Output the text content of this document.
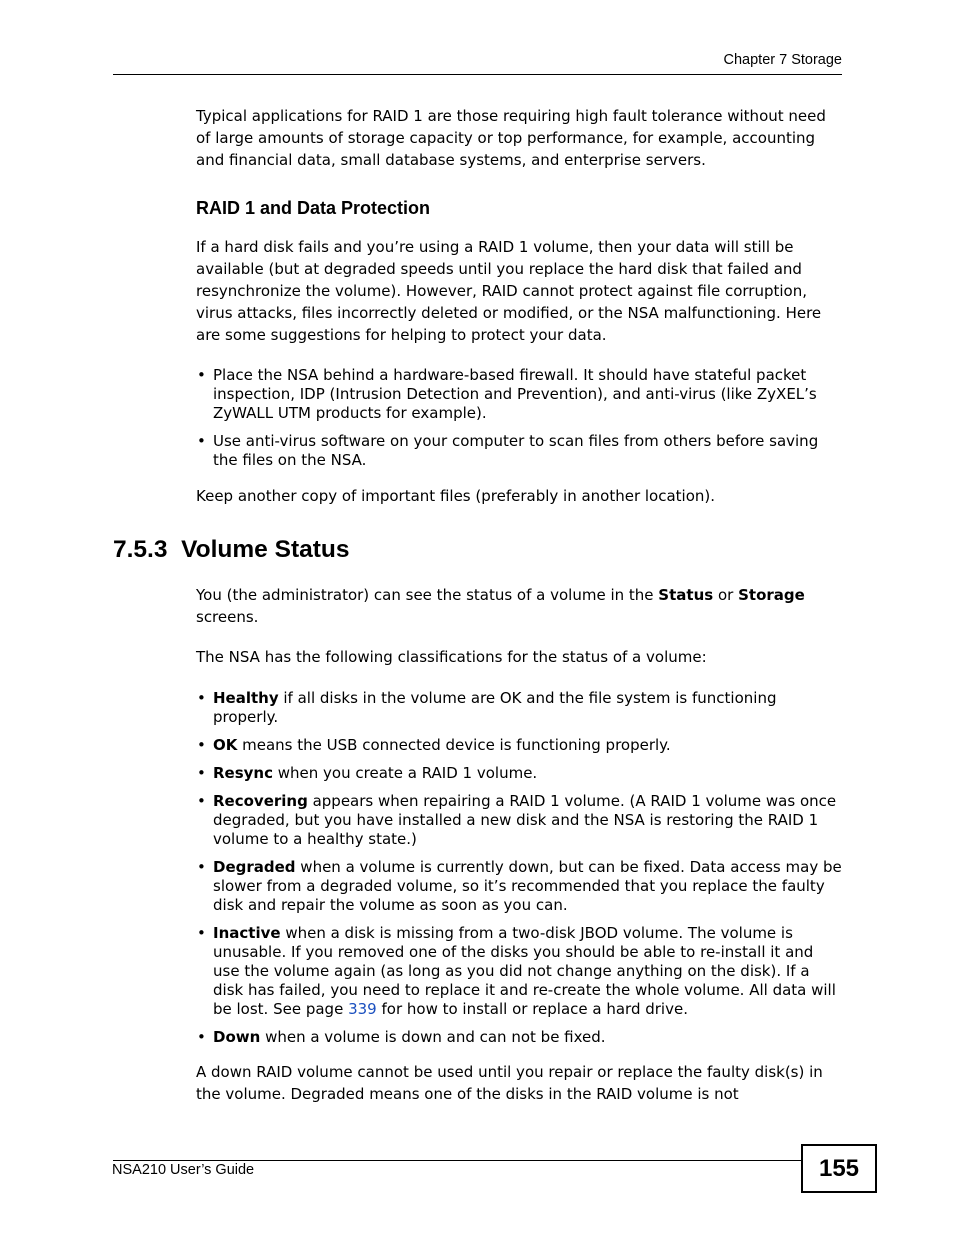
Chapter 7 Storage
Typical applications for RAID 1 are those requiring high fault tolerance without need of large amounts of storage capacity or top performance, for example, accounting and financial data, small database systems, and enterprise servers.
RAID 1 and Data Protection
If a hard disk fails and you’re using a RAID 1 volume, then your data will still be available (but at degraded speeds until you replace the hard disk that failed and resynchronize the volume). However, RAID cannot protect against file corruption, virus attacks, files incorrectly deleted or modified, or the NSA malfunctioning. Here are some suggestions for helping to protect your data.
• Place the NSA behind a hardware-based firewall. It should have stateful packet inspection, IDP (Intrusion Detection and Prevention), and anti-virus (like ZyXEL’s ZyWALL UTM products for example).
• Use anti-virus software on your computer to scan files from others before saving the files on the NSA.
Keep another copy of important files (preferably in another location).
7.5.3 Volume Status
You (the administrator) can see the status of a volume in the Status or Storage screens.
The NSA has the following classifications for the status of a volume:
• Healthy if all disks in the volume are OK and the file system is functioning properly.
• OK means the USB connected device is functioning properly.
• Resync when you create a RAID 1 volume.
• Recovering appears when repairing a RAID 1 volume. (A RAID 1 volume was once degraded, but you have installed a new disk and the NSA is restoring the RAID 1 volume to a healthy state.)
• Degraded when a volume is currently down, but can be fixed. Data access may be slower from a degraded volume, so it’s recommended that you replace the faulty disk and repair the volume as soon as you can.
• Inactive when a disk is missing from a two-disk JBOD volume. The volume is unusable. If you removed one of the disks you should be able to re-install it and use the volume again (as long as you did not change anything on the disk). If a disk has failed, you need to replace it and re-create the whole volume. All data will be lost. See page 339 for how to install or replace a hard drive.
• Down when a volume is down and can not be fixed.
A down RAID volume cannot be used until you repair or replace the faulty disk(s) in the volume. Degraded means one of the disks in the RAID volume is not
NSA210 User’s Guide	155
